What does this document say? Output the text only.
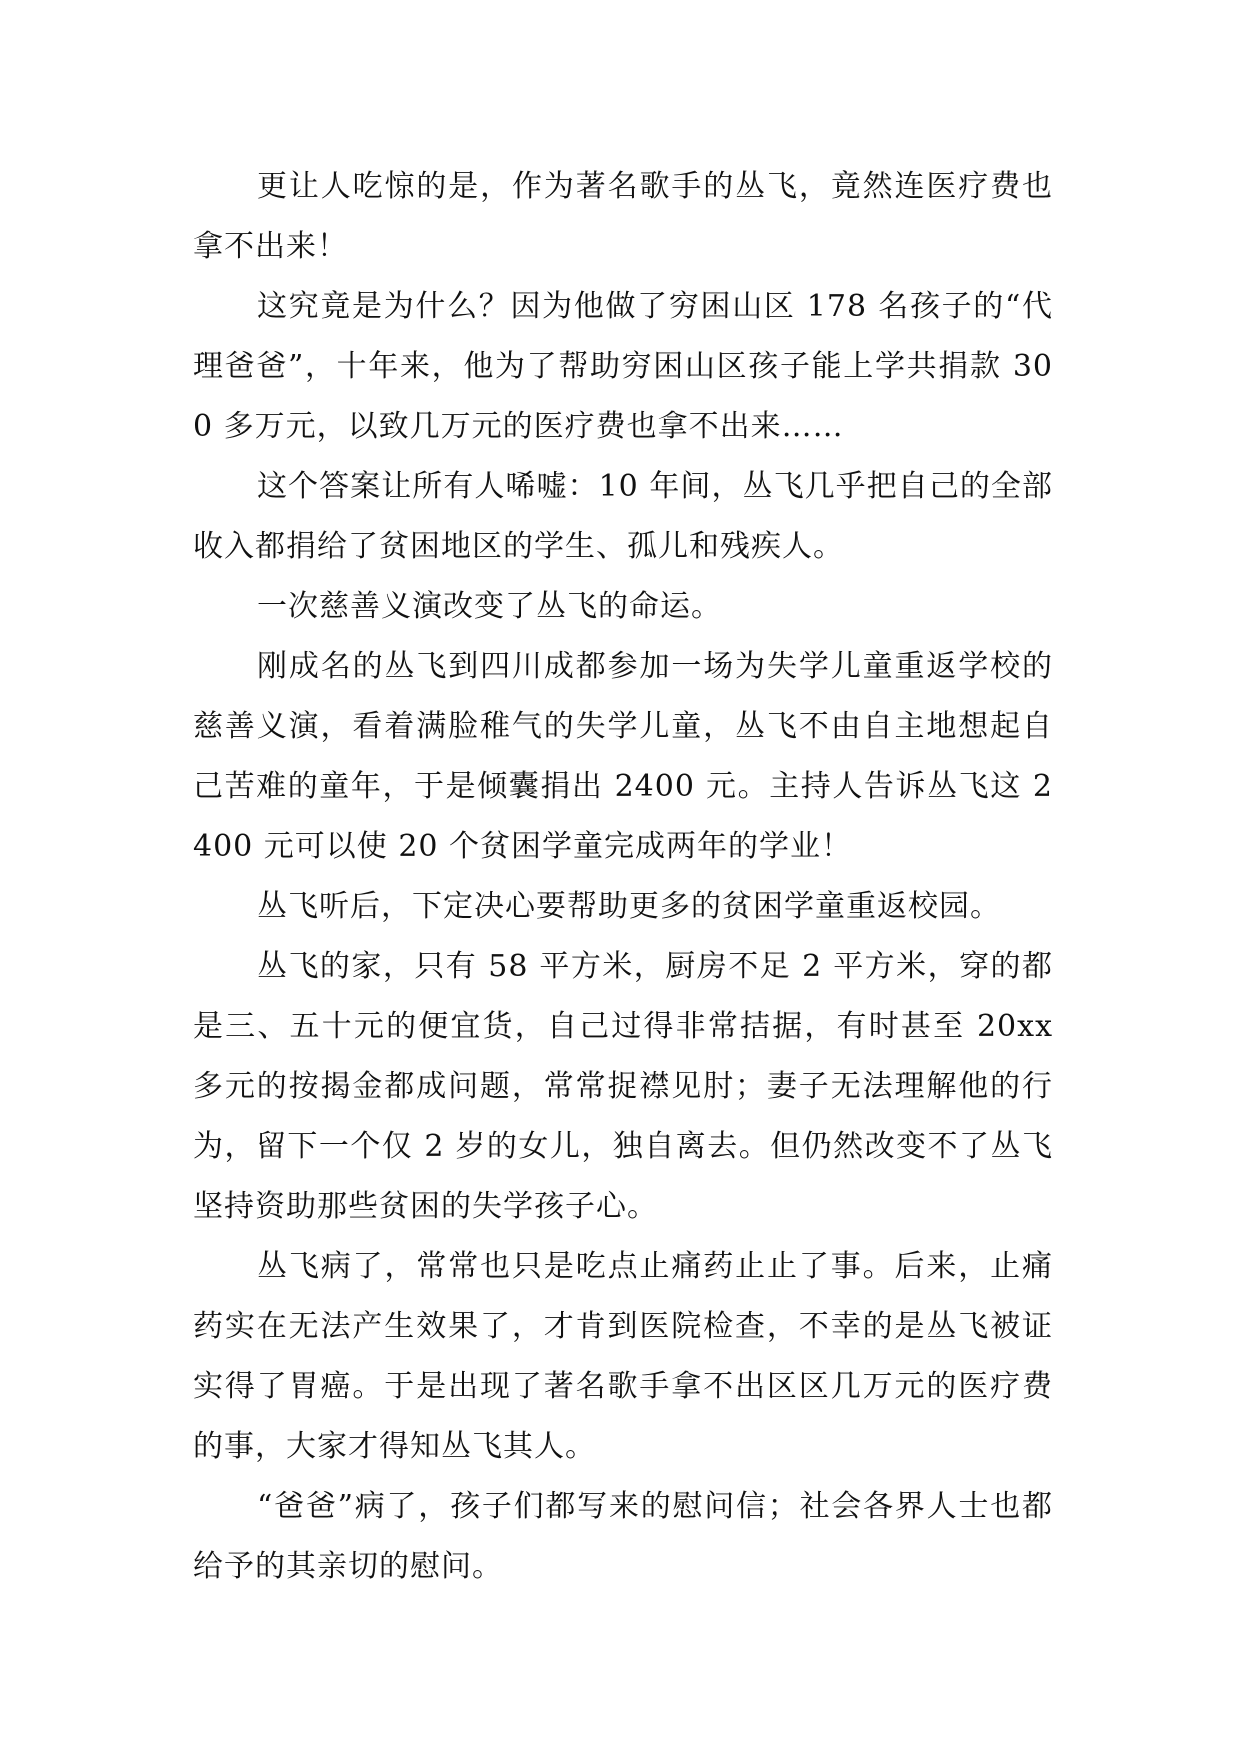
更让人吃惊的是，作为著名歌手的丛飞，竟然连医疗费也拿不出来！

这究竟是为什么？因为他做了穷困山区 178 名孩子的“代理爸爸”，十年来，他为了帮助穷困山区孩子能上学共捐款 300 多万元，以致几万元的医疗费也拿不出来……

这个答案让所有人唏嘘：10 年间，丛飞几乎把自己的全部收入都捐给了贫困地区的学生、孤儿和残疾人。

一次慈善义演改变了丛飞的命运。

刚成名的丛飞到四川成都参加一场为失学儿童重返学校的慈善义演，看着满脸稚气的失学儿童，丛飞不由自主地想起自己苦难的童年，于是倾囊捐出 2400 元。主持人告诉丛飞这 2400 元可以使 20 个贫困学童完成两年的学业！

丛飞听后，下定决心要帮助更多的贫困学童重返校园。

丛飞的家，只有 58 平方米，厨房不足 2 平方米，穿的都是三、五十元的便宜货，自己过得非常拮据，有时甚至 20xx 多元的按揭金都成问题，常常捉襟见肘；妻子无法理解他的行为，留下一个仅 2 岁的女儿，独自离去。但仍然改变不了丛飞坚持资助那些贫困的失学孩子心。

丛飞病了，常常也只是吃点止痛药止止了事。后来，止痛药实在无法产生效果了，才肯到医院检查，不幸的是丛飞被证实得了胃癌。于是出现了著名歌手拿不出区区几万元的医疗费的事，大家才得知丛飞其人。

“爸爸”病了，孩子们都写来的慰问信；社会各界人士也都给予的其亲切的慰问。
